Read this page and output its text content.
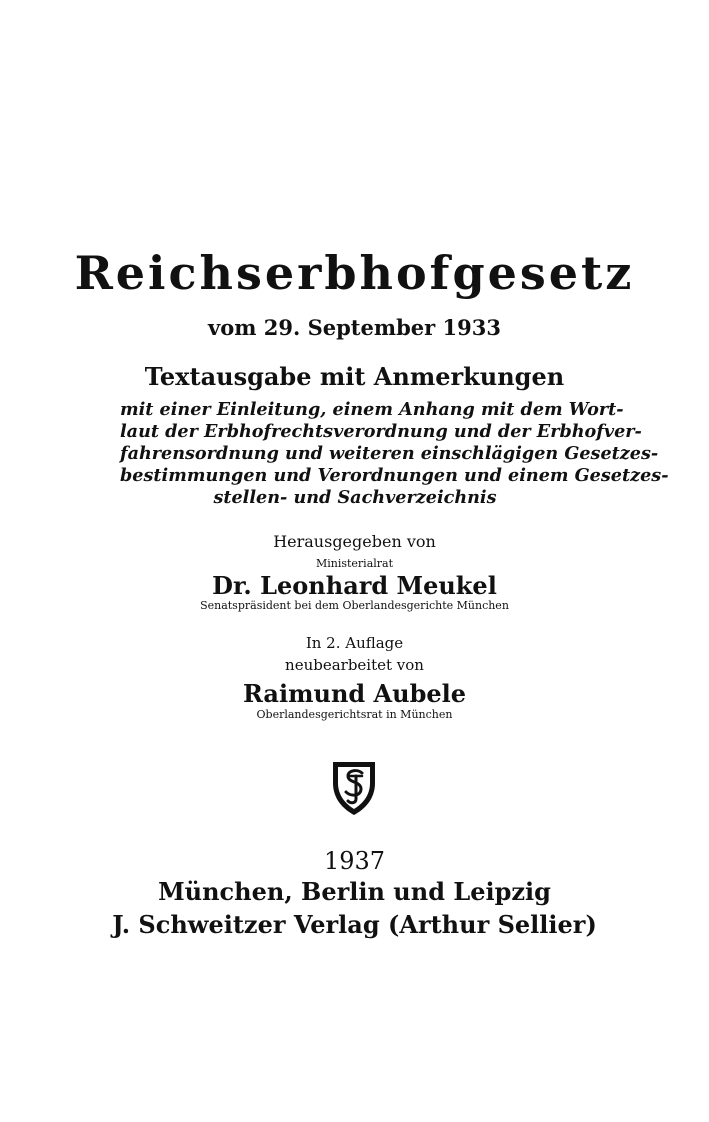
Reichserbhofgesetz

vom 29. September 1933

Textausgabe mit Anmerkungen

mit einer Einleitung, einem Anhang mit dem Wort-
laut der Erbhofrechtsverordnung und der Erbhofver-
fahrensordnung und weiteren einschlägigen Gesetzes-
bestimmungen und Verordnungen und einem Gesetzes-
stellen- und Sachverzeichnis

Herausgegeben von

Ministerialrat

Dr. Leonhard Meukel

Senatspräsident bei dem Oberlandesgerichte München

In 2. Auflage

neubearbeitet von

Raimund Aubele

Oberlandesgerichtsrat in München

1937

München, Berlin und Leipzig

J. Schweitzer Verlag (Arthur Sellier)
